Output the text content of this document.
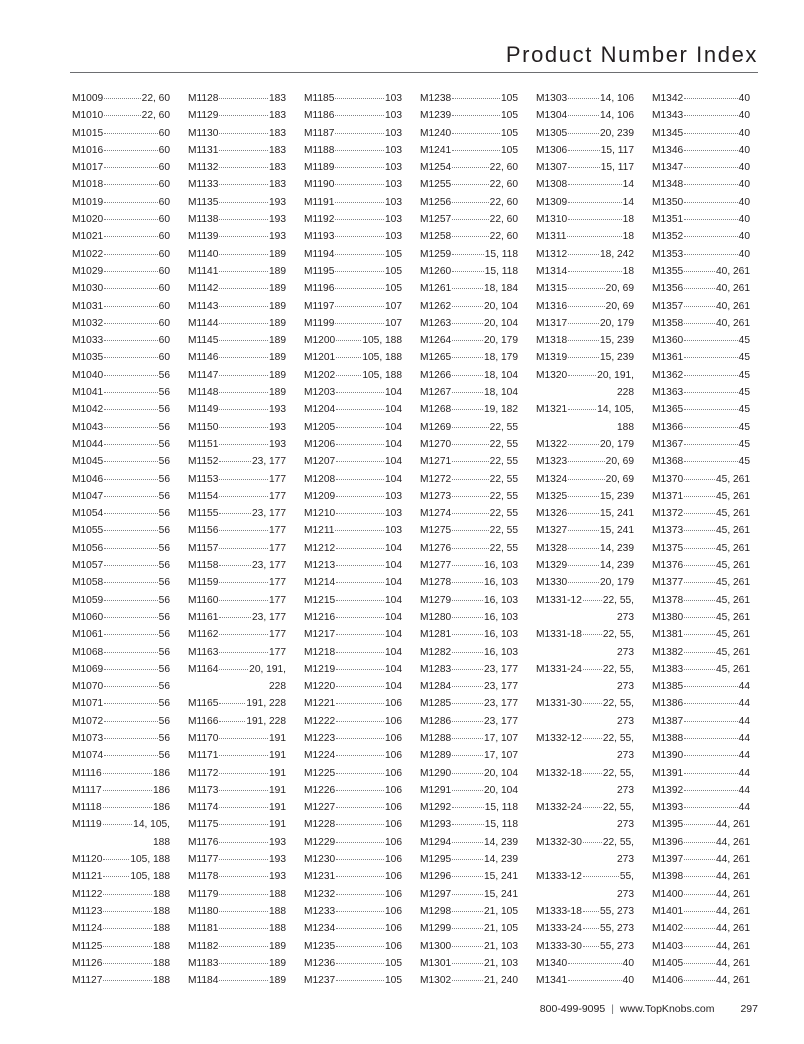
Product Number Index
M1009	22, 60
M1010	22, 60
M1015	60
M1016	60
M1017	60
M1018	60
M1019	60
M1020	60
M1021	60
M1022	60
M1029	60
M1030	60
M1031	60
M1032	60
M1033	60
M1035	60
M1040	56
M1041	56
M1042	56
M1043	56
M1044	56
M1045	56
M1046	56
M1047	56
M1054	56
M1055	56
M1056	56
M1057	56
M1058	56
M1059	56
M1060	56
M1061	56
M1068	56
M1069	56
M1070	56
M1071	56
M1072	56
M1073	56
M1074	56
M1116	186
M1117	186
M1118	186
M1119	14, 105,
188
M1120	105, 188
M1121	105, 188
M1122	188
M1123	188
M1124	188
M1125	188
M1126	188
M1127	188
M1128	183
M1129	183
M1130	183
M1131	183
M1132	183
M1133	183
M1135	193
M1138	193
M1139	193
M1140	189
M1141	189
M1142	189
M1143	189
M1144	189
M1145	189
M1146	189
M1147	189
M1148	189
M1149	193
M1150	193
M1151	193
M1152	23, 177
M1153	177
M1154	177
M1155	23, 177
M1156	177
M1157	177
M1158	23, 177
M1159	177
M1160	177
M1161	23, 177
M1162	177
M1163	177
M1164	20, 191,
228
M1165	191, 228
M1166	191, 228
M1170	191
M1171	191
M1172	191
M1173	191
M1174	191
M1175	191
M1176	193
M1177	193
M1178	193
M1179	188
M1180	188
M1181	188
M1182	189
M1183	189
M1184	189
M1185	103
M1186	103
M1187	103
M1188	103
M1189	103
M1190	103
M1191	103
M1192	103
M1193	103
M1194	105
M1195	105
M1196	105
M1197	107
M1199	107
M1200	105, 188
M1201	105, 188
M1202	105, 188
M1203	104
M1204	104
M1205	104
M1206	104
M1207	104
M1208	104
M1209	103
M1210	103
M1211	103
M1212	104
M1213	104
M1214	104
M1215	104
M1216	104
M1217	104
M1218	104
M1219	104
M1220	104
M1221	106
M1222	106
M1223	106
M1224	106
M1225	106
M1226	106
M1227	106
M1228	106
M1229	106
M1230	106
M1231	106
M1232	106
M1233	106
M1234	106
M1235	106
M1236	105
M1237	105
M1238	105
M1239	105
M1240	105
M1241	105
M1254	22, 60
M1255	22, 60
M1256	22, 60
M1257	22, 60
M1258	22, 60
M1259	15, 118
M1260	15, 118
M1261	18, 184
M1262	20, 104
M1263	20, 104
M1264	20, 179
M1265	18, 179
M1266	18, 104
M1267	18, 104
M1268	19, 182
M1269	22, 55
M1270	22, 55
M1271	22, 55
M1272	22, 55
M1273	22, 55
M1274	22, 55
M1275	22, 55
M1276	22, 55
M1277	16, 103
M1278	16, 103
M1279	16, 103
M1280	16, 103
M1281	16, 103
M1282	16, 103
M1283	23, 177
M1284	23, 177
M1285	23, 177
M1286	23, 177
M1288	17, 107
M1289	17, 107
M1290	20, 104
M1291	20, 104
M1292	15, 118
M1293	15, 118
M1294	14, 239
M1295	14, 239
M1296	15, 241
M1297	15, 241
M1298	21, 105
M1299	21, 105
M1300	21, 103
M1301	21, 103
M1302	21, 240
M1303	14, 106
M1304	14, 106
M1305	20, 239
M1306	15, 117
M1307	15, 117
M1308	14
M1309	14
M1310	18
M1311	18
M1312	18, 242
M1314	18
M1315	20, 69
M1316	20, 69
M1317	20, 179
M1318	15, 239
M1319	15, 239
M1320	20, 191,
228
M1321	14, 105,
188
M1322	20, 179
M1323	20, 69
M1324	20, 69
M1325	15, 239
M1326	15, 241
M1327	15, 241
M1328	14, 239
M1329	14, 239
M1330	20, 179
M1331-12 22, 55,
273
M1331-18 22, 55,
273
M1331-24 22, 55,
273
M1331-30 22, 55,
273
M1332-12 22, 55,
273
M1332-18 22, 55,
273
M1332-24 22, 55,
273
M1332-30 22, 55,
273
M1333-12	55,
273
M1333-18 55, 273
M1333-24 55, 273
M1333-30 55, 273
M1340	40
M1341	40
M1342	40
M1343	40
M1345	40
M1346	40
M1347	40
M1348	40
M1350	40
M1351	40
M1352	40
M1353	40
M1355	40, 261
M1356	40, 261
M1357	40, 261
M1358	40, 261
M1360	45
M1361	45
M1362	45
M1363	45
M1365	45
M1366	45
M1367	45
M1368	45
M1370	45, 261
M1371	45, 261
M1372	45, 261
M1373	45, 261
M1375	45, 261
M1376	45, 261
M1377	45, 261
M1378	45, 261
M1380	45, 261
M1381	45, 261
M1382	45, 261
M1383	45, 261
M1385	44
M1386	44
M1387	44
M1388	44
M1390	44
M1391	44
M1392	44
M1393	44
M1395	44, 261
M1396	44, 261
M1397	44, 261
M1398	44, 261
M1400	44, 261
M1401	44, 261
M1402	44, 261
M1403	44, 261
M1405	44, 261
M1406	44, 261
800-499-9095 | www.TopKnobs.com 297
